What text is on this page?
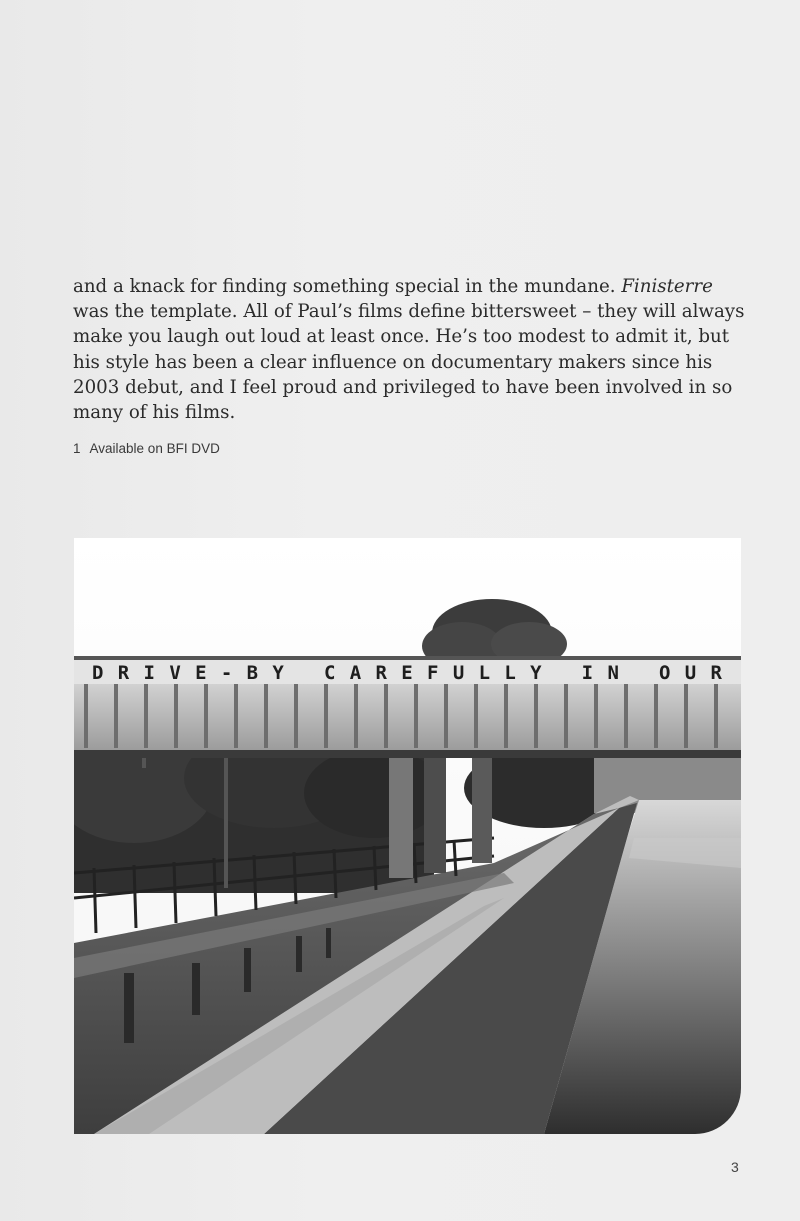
and a knack for finding something special in the mundane. Finisterre
was the template. All of Paul’s films define bittersweet – they will always
make you laugh out loud at least once. He’s too modest to admit it, but
his style has been a clear influence on documentary makers since his
2003 debut, and I feel proud and privileged to have been involved in so
many of his films.

1 Available on BFI DVD
DRIVE-BY CAREFULLY IN OUR
3
